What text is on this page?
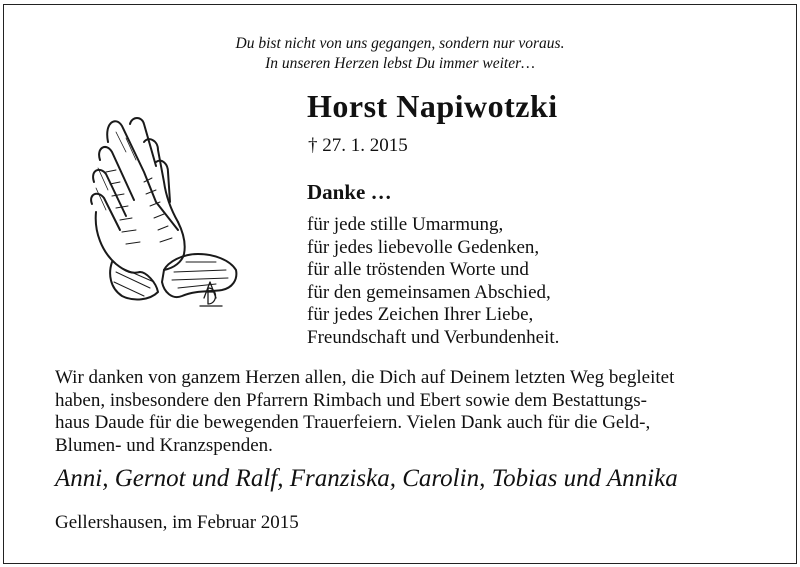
Du bist nicht von uns gegangen, sondern nur voraus.
In unseren Herzen lebst Du immer weiter…
Horst Napiwotzki
† 27. 1. 2015
Danke …
für jede stille Umarmung,
für jedes liebevolle Gedenken,
für alle tröstenden Worte und
für den gemeinsamen Abschied,
für jedes Zeichen Ihrer Liebe,
Freundschaft und Verbundenheit.

Wir danken von ganzem Herzen allen, die Dich auf Deinem letzten Weg begleitet
haben, insbesondere den Pfarrern Rimbach und Ebert sowie dem Bestattungs-
haus Daude für die bewegenden Trauerfeiern. Vielen Dank auch für die Geld-,
Blumen- und Kranzspenden.

Anni, Gernot und Ralf, Franziska, Carolin, Tobias und Annika
Gellershausen, im Februar 2015
